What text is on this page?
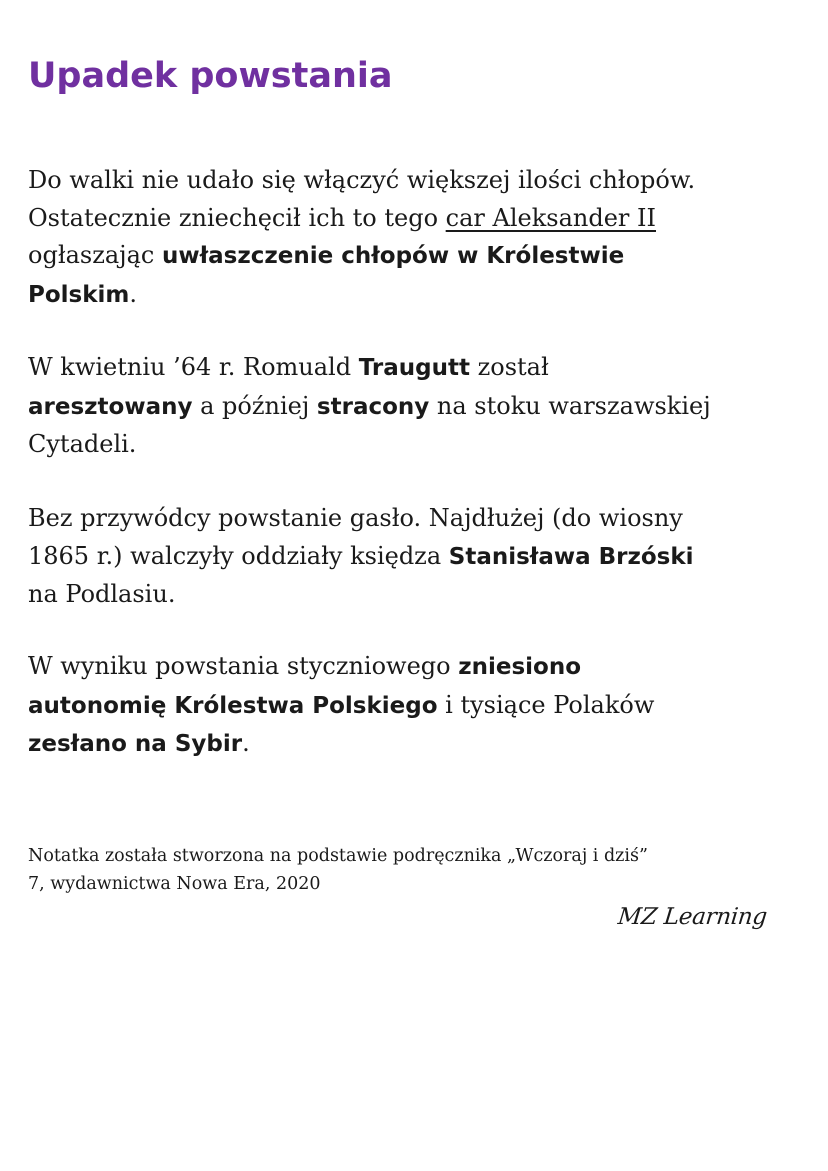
Upadek powstania

Do walki nie udało się włączyć większej ilości chłopów.
Ostatecznie zniechęcił ich to tego car Aleksander II
ogłaszając uwłaszczenie chłopów w Królestwie
Polskim.

W kwietniu ’64 r. Romuald Traugutt został
aresztowany a później stracony na stoku warszawskiej
Cytadeli.

Bez przywódcy powstanie gasło. Najdłużej (do wiosny
1865 r.) walczyły oddziały księdza Stanisława Brzóski
na Podlasiu.

W wyniku powstania styczniowego zniesiono
autonomię Królestwa Polskiego i tysiące Polaków
zesłano na Sybir.

Notatka została stworzona na podstawie podręcznika „Wczoraj i dziś”
7, wydawnictwa Nowa Era, 2020

MZ Learning
